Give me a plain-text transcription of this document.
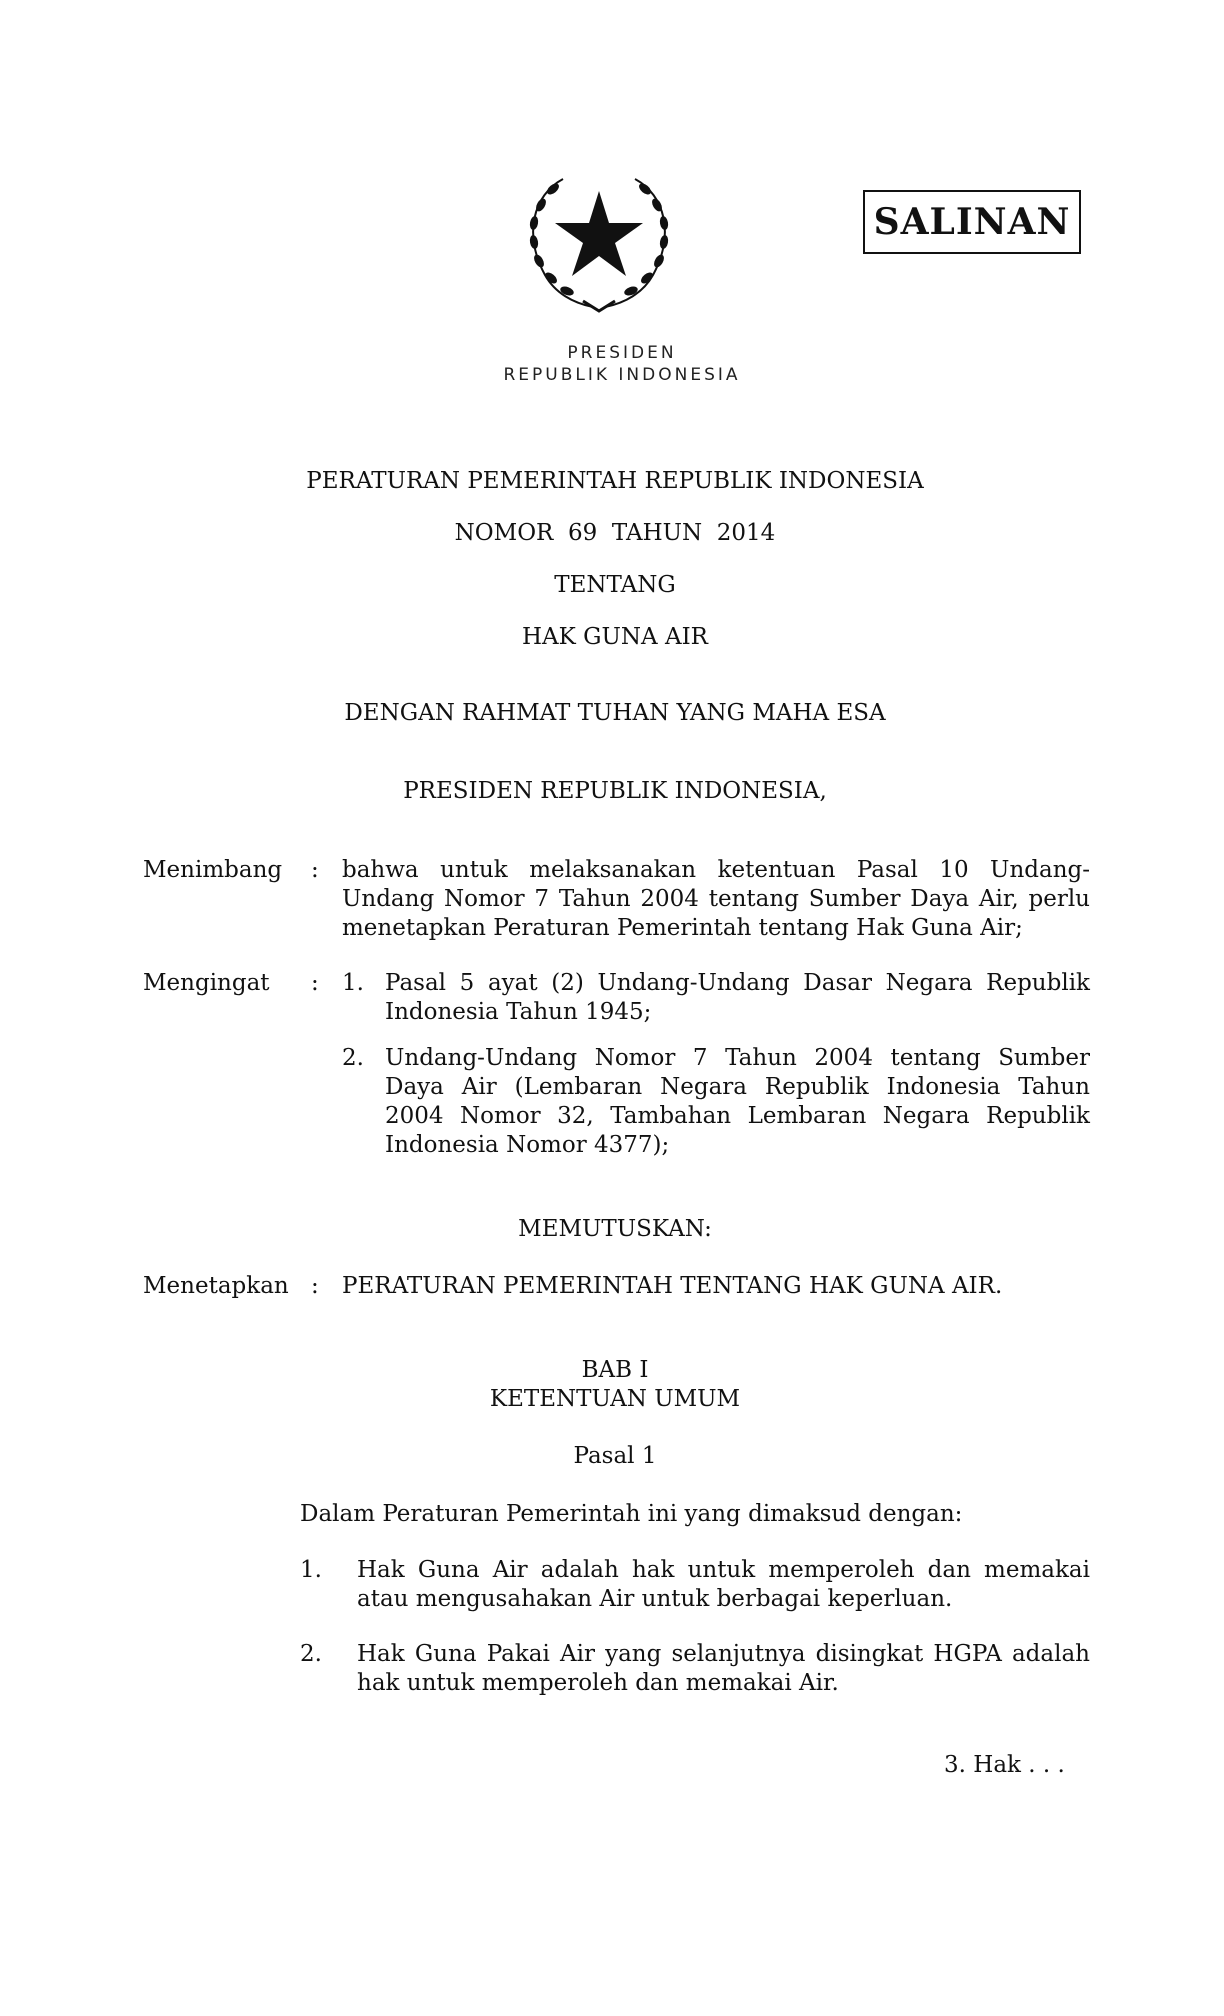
PRESIDEN
REPUBLIK INDONESIA
SALINAN
PERATURAN PEMERINTAH REPUBLIK INDONESIA
NOMOR  69  TAHUN  2014
TENTANG
HAK GUNA AIR
DENGAN RAHMAT TUHAN YANG MAHA ESA
PRESIDEN REPUBLIK INDONESIA,
Menimbang : bahwa untuk melaksanakan ketentuan Pasal 10 Undang-
Undang Nomor 7 Tahun 2004 tentang Sumber Daya Air, perlu
menetapkan Peraturan Pemerintah tentang Hak Guna Air;
Mengingat : 1. Pasal 5 ayat (2) Undang-Undang Dasar Negara Republik
Indonesia Tahun 1945;
2. Undang-Undang Nomor 7 Tahun 2004 tentang Sumber
Daya Air (Lembaran Negara Republik Indonesia Tahun
2004 Nomor 32, Tambahan Lembaran Negara Republik
Indonesia Nomor 4377);
MEMUTUSKAN:
Menetapkan : PERATURAN PEMERINTAH TENTANG HAK GUNA AIR.
BAB I
KETENTUAN UMUM
Pasal 1
Dalam Peraturan Pemerintah ini yang dimaksud dengan:
1. Hak Guna Air adalah hak untuk memperoleh dan memakai
atau mengusahakan Air untuk berbagai keperluan.
2. Hak Guna Pakai Air yang selanjutnya disingkat HGPA adalah
hak untuk memperoleh dan memakai Air.
3. Hak . . .
